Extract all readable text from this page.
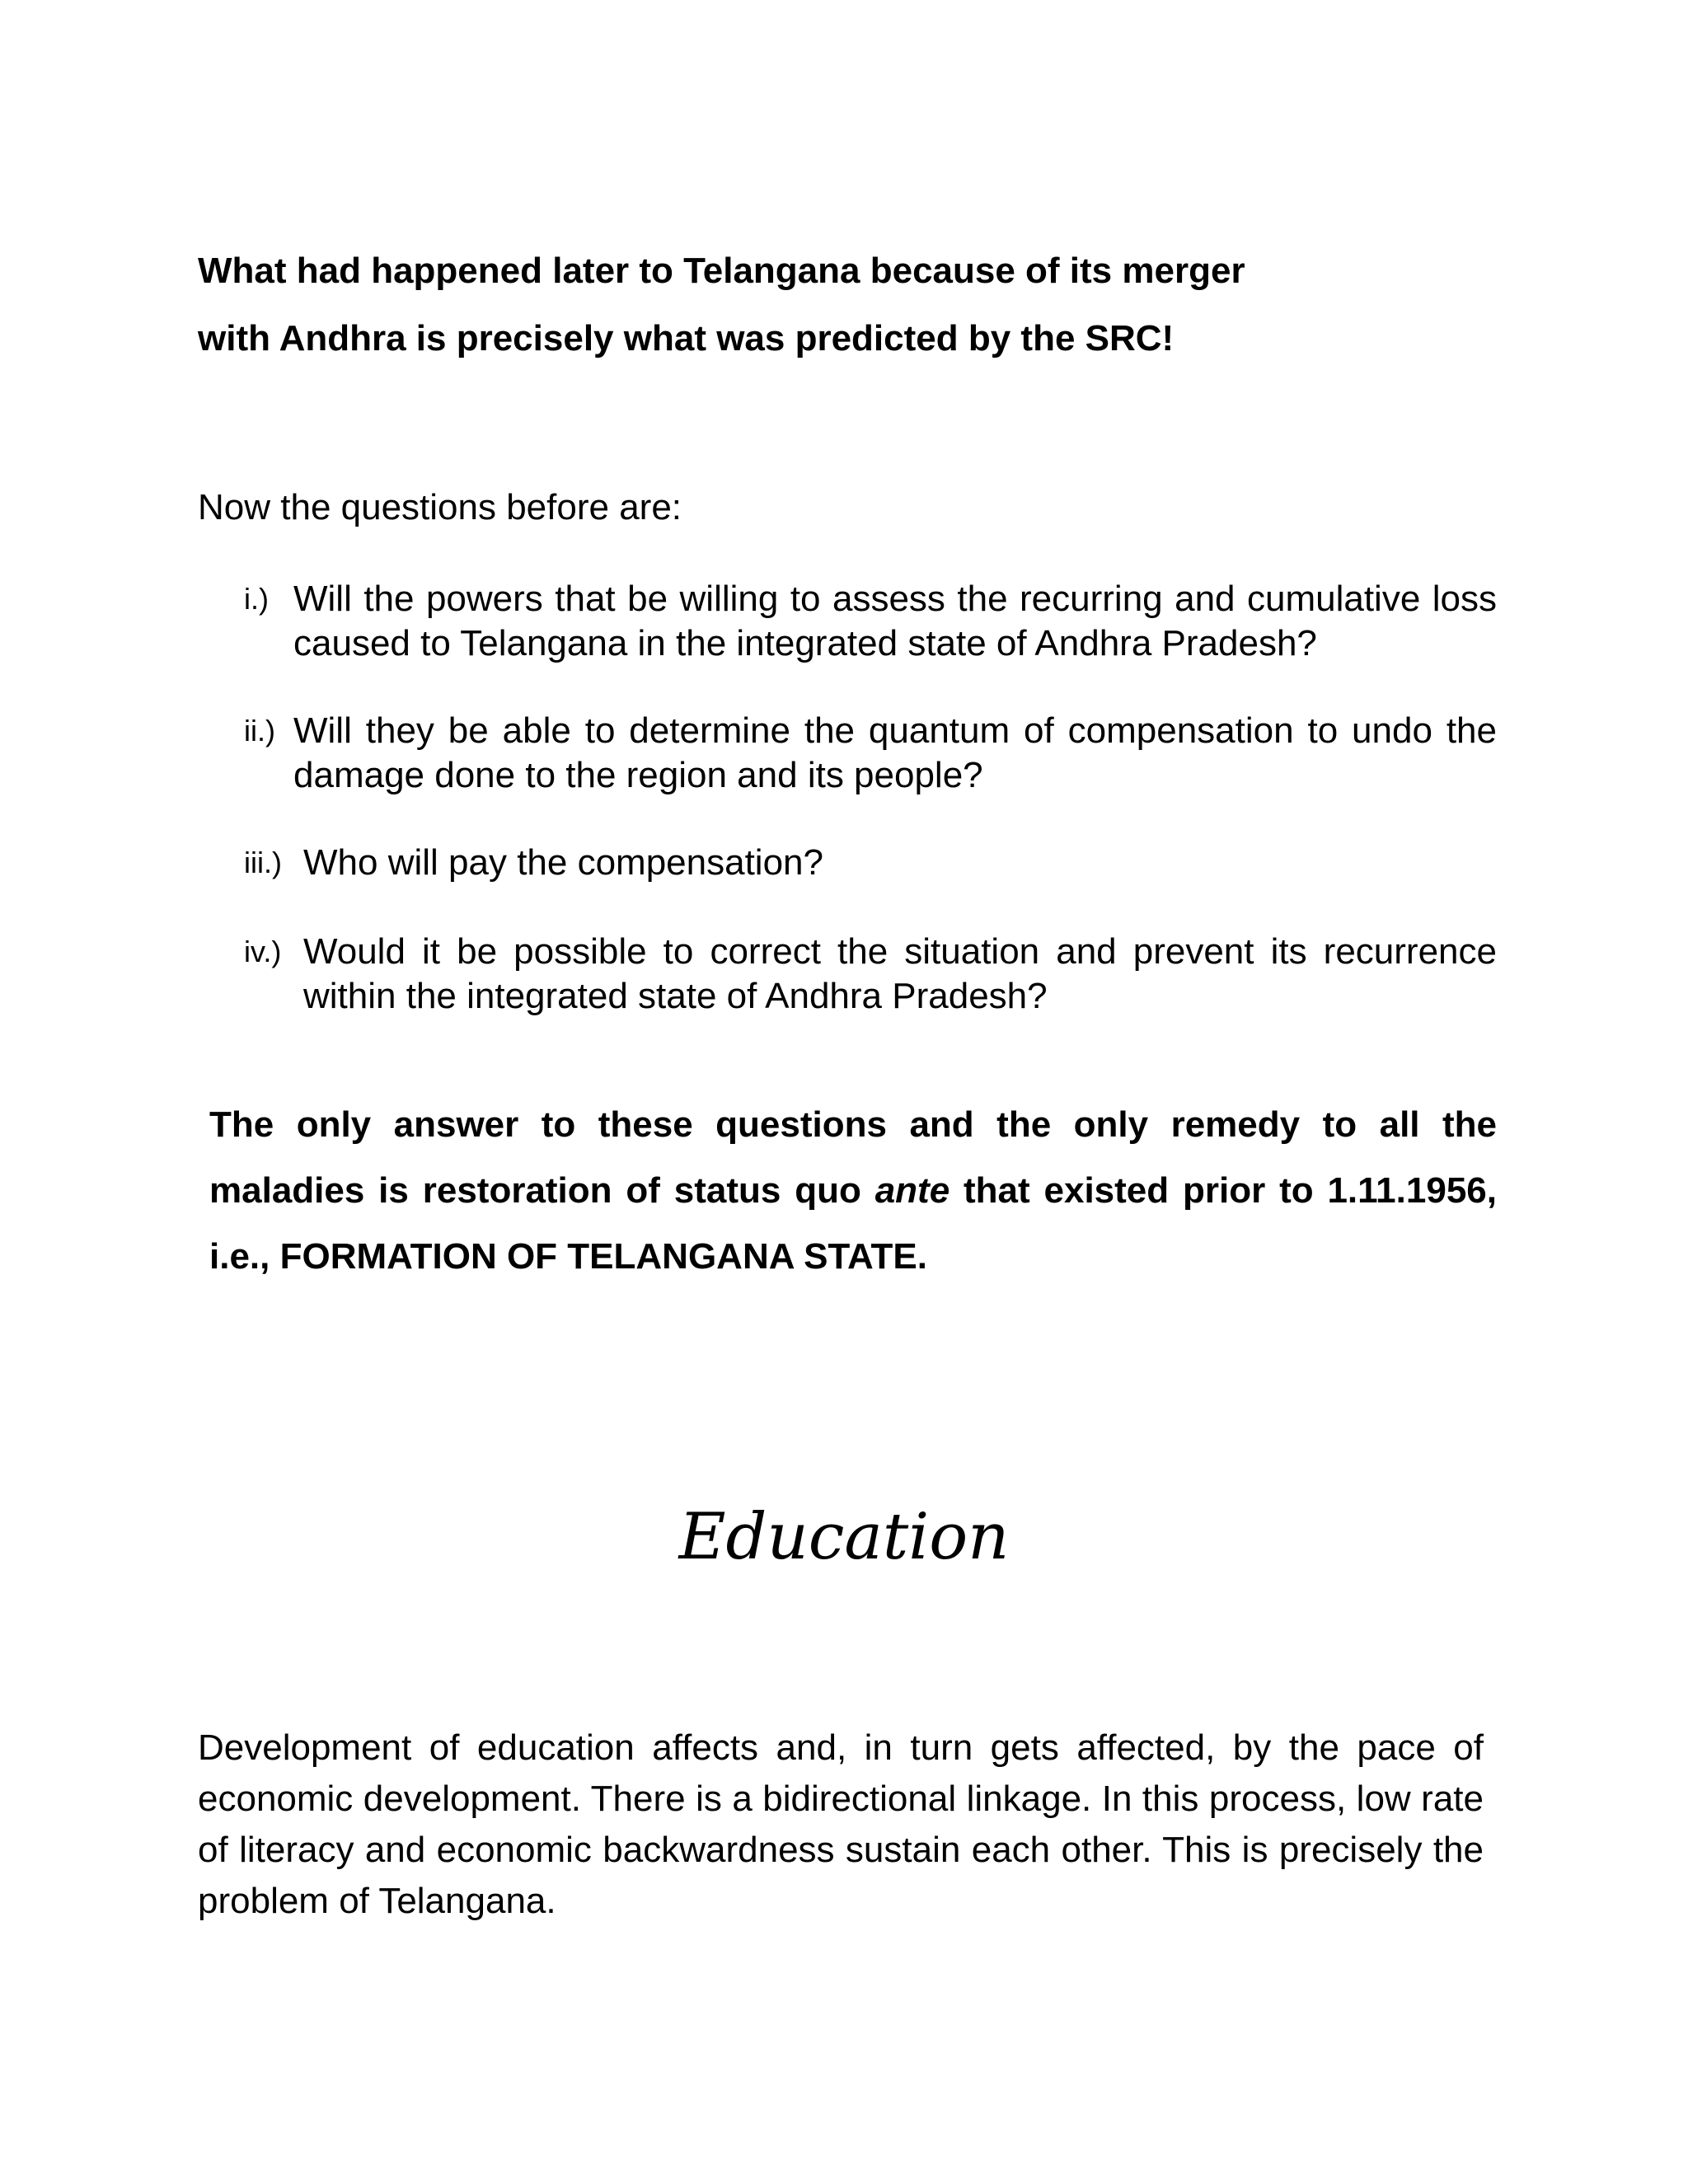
What had happened later to Telangana because of its merger
with Andhra is precisely what was predicted by the SRC!
Now the questions before are:
i.) Will the powers that be willing to assess the recurring and cumulative loss caused to Telangana in the integrated state of Andhra Pradesh?
ii.) Will they be able to determine the quantum of compensation to undo the damage done to the region and its people?
iii.) Who will pay the compensation?
iv.) Would it be possible to correct the situation and prevent its recurrence within the integrated state of Andhra Pradesh?
The only answer to these questions and the only remedy to all the maladies is restoration of status quo ante that existed prior to 1.11.1956, i.e., FORMATION OF TELANGANA STATE.
Education
Development of education affects and, in turn gets affected, by the pace of economic development. There is a bidirectional linkage. In this process, low rate of literacy and economic backwardness sustain each other. This is precisely the problem of Telangana.
